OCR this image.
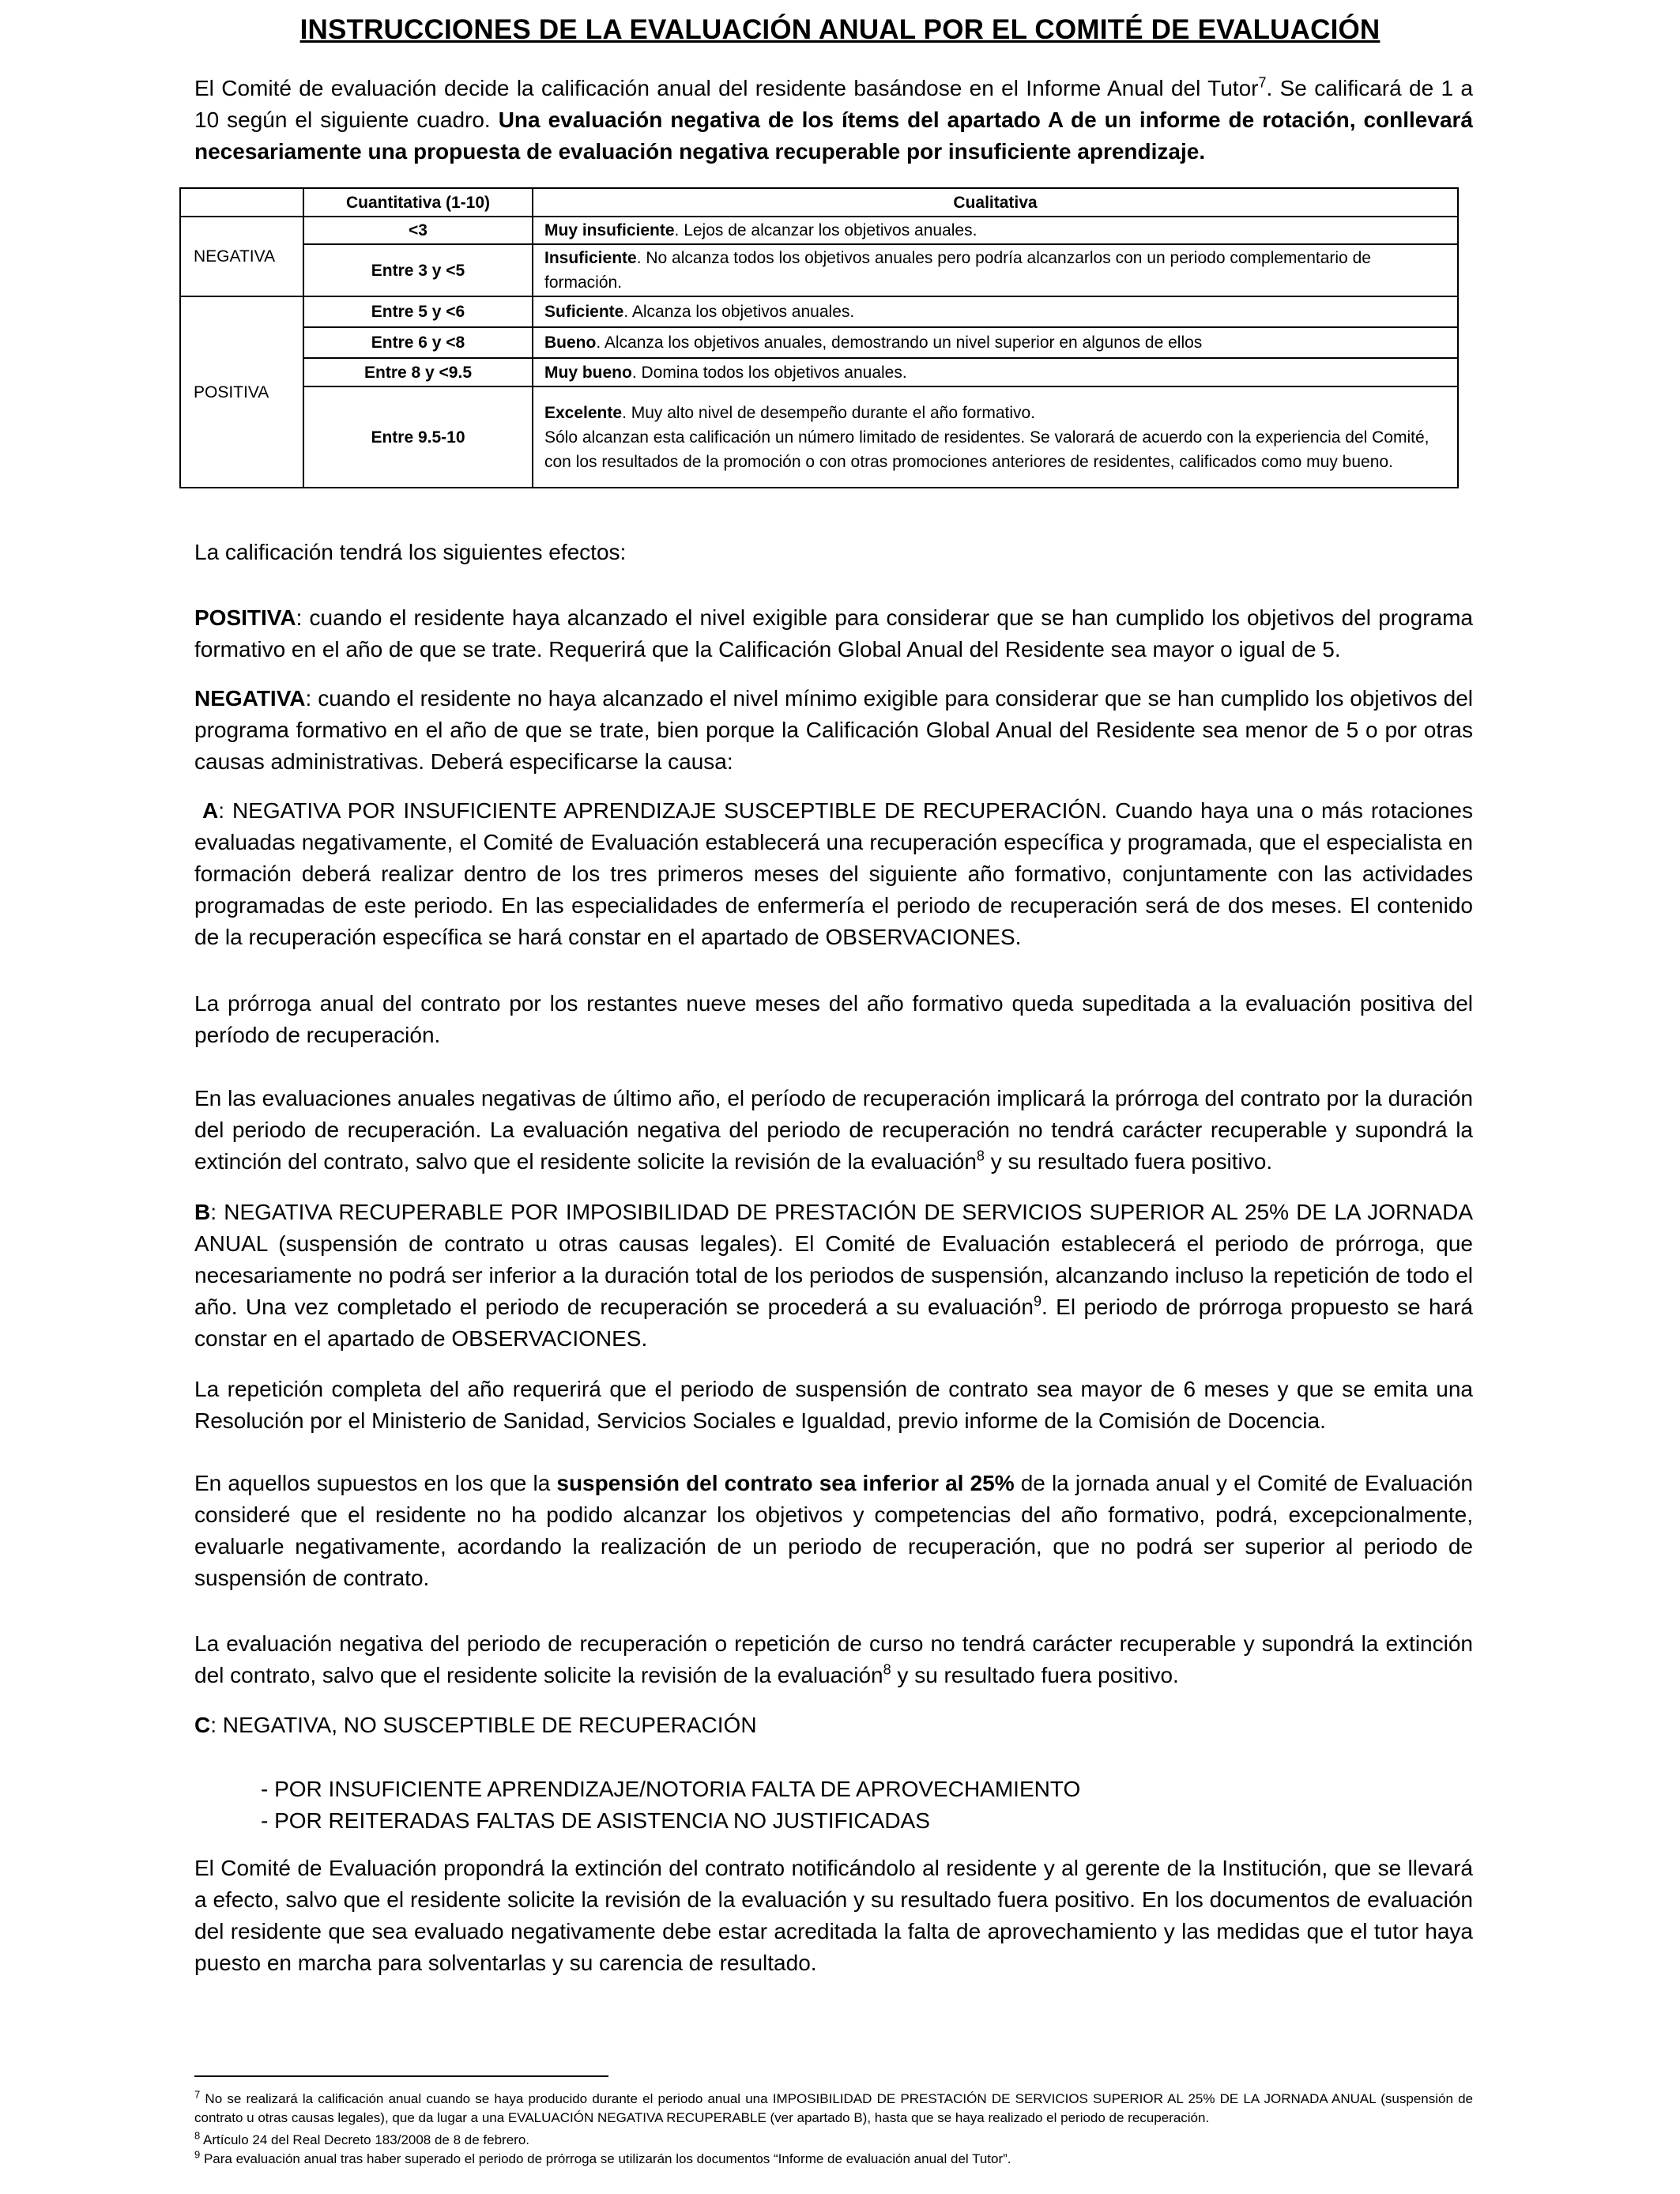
INSTRUCCIONES DE LA EVALUACIÓN ANUAL POR EL COMITÉ DE EVALUACIÓN
El Comité de evaluación decide la calificación anual del residente basándose en el Informe Anual del Tutor$^7$. Se calificará de 1 a 10 según el siguiente cuadro. Una evaluación negativa de los ítems del apartado A de un informe de rotación, conllevará necesariamente una propuesta de evaluación negativa recuperable por insuficiente aprendizaje.
	Cuantitativa (1-10)	Cualitativa
NEGATIVA	<3	Muy insuficiente. Lejos de alcanzar los objetivos anuales.
	Entre 3 y <5	Insuficiente. No alcanza todos los objetivos anuales pero podría alcanzarlos con un periodo complementario de formación.
POSITIVA	Entre 5 y <6	Suficiente. Alcanza los objetivos anuales.
	Entre 6 y <8	Bueno. Alcanza los objetivos anuales, demostrando un nivel superior en algunos de ellos
	Entre 8 y <9.5	Muy bueno. Domina todos los objetivos anuales.
	Entre 9.5-10	Excelente. Muy alto nivel de desempeño durante el año formativo.
Sólo alcanzan esta calificación un número limitado de residentes. Se valorará de acuerdo con la experiencia del Comité, con los resultados de la promoción o con otras promociones anteriores de residentes, calificados como muy bueno.
La calificación tendrá los siguientes efectos:
POSITIVA: cuando el residente haya alcanzado el nivel exigible para considerar que se han cumplido los objetivos del programa formativo en el año de que se trate. Requerirá que la Calificación Global Anual del Residente sea mayor o igual de 5.
NEGATIVA: cuando el residente no haya alcanzado el nivel mínimo exigible para considerar que se han cumplido los objetivos del programa formativo en el año de que se trate, bien porque la Calificación Global Anual del Residente sea menor de 5 o por otras causas administrativas. Deberá especificarse la causa:
A: NEGATIVA POR INSUFICIENTE APRENDIZAJE SUSCEPTIBLE DE RECUPERACIÓN. Cuando haya una o más rotaciones evaluadas negativamente, el Comité de Evaluación establecerá una recuperación específica y programada, que el especialista en formación deberá realizar dentro de los tres primeros meses del siguiente año formativo, conjuntamente con las actividades programadas de este periodo. En las especialidades de enfermería el periodo de recuperación será de dos meses. El contenido de la recuperación específica se hará constar en el apartado de OBSERVACIONES.
La prórroga anual del contrato por los restantes nueve meses del año formativo queda supeditada a la evaluación positiva del período de recuperación.
En las evaluaciones anuales negativas de último año, el período de recuperación implicará la prórroga del contrato por la duración del periodo de recuperación. La evaluación negativa del periodo de recuperación no tendrá carácter recuperable y supondrá la extinción del contrato, salvo que el residente solicite la revisión de la evaluación$^8$ y su resultado fuera positivo.
B: NEGATIVA RECUPERABLE POR IMPOSIBILIDAD DE PRESTACIÓN DE SERVICIOS SUPERIOR AL 25% DE LA JORNADA ANUAL (suspensión de contrato u otras causas legales). El Comité de Evaluación establecerá el periodo de prórroga, que necesariamente no podrá ser inferior a la duración total de los periodos de suspensión, alcanzando incluso la repetición de todo el año. Una vez completado el periodo de recuperación se procederá a su evaluación$^9$. El periodo de prórroga propuesto se hará constar en el apartado de OBSERVACIONES.
La repetición completa del año requerirá que el periodo de suspensión de contrato sea mayor de 6 meses y que se emita una Resolución por el Ministerio de Sanidad, Servicios Sociales e Igualdad, previo informe de la Comisión de Docencia.
En aquellos supuestos en los que la suspensión del contrato sea inferior al 25% de la jornada anual y el Comité de Evaluación consideré que el residente no ha podido alcanzar los objetivos y competencias del año formativo, podrá, excepcionalmente, evaluarle negativamente, acordando la realización de un periodo de recuperación, que no podrá ser superior al periodo de suspensión de contrato.
La evaluación negativa del periodo de recuperación o repetición de curso no tendrá carácter recuperable y supondrá la extinción del contrato, salvo que el residente solicite la revisión de la evaluación$^8$ y su resultado fuera positivo.
C: NEGATIVA, NO SUSCEPTIBLE DE RECUPERACIÓN
- POR INSUFICIENTE APRENDIZAJE/NOTORIA FALTA DE APROVECHAMIENTO
- POR REITERADAS FALTAS DE ASISTENCIA NO JUSTIFICADAS
El Comité de Evaluación propondrá la extinción del contrato notificándolo al residente y al gerente de la Institución, que se llevará a efecto, salvo que el residente solicite la revisión de la evaluación y su resultado fuera positivo. En los documentos de evaluación del residente que sea evaluado negativamente debe estar acreditada la falta de aprovechamiento y las medidas que el tutor haya puesto en marcha para solventarlas y su carencia de resultado.
$^7$ No se realizará la calificación anual cuando se haya producido durante el periodo anual una IMPOSIBILIDAD DE PRESTACIÓN DE SERVICIOS SUPERIOR AL 25% DE LA JORNADA ANUAL (suspensión de contrato u otras causas legales), que da lugar a una EVALUACIÓN NEGATIVA RECUPERABLE (ver apartado B), hasta que se haya realizado el periodo de recuperación.
$^8$ Artículo 24 del Real Decreto 183/2008 de 8 de febrero.
$^9$ Para evaluación anual tras haber superado el periodo de prórroga se utilizarán los documentos “Informe de evaluación anual del Tutor”.
